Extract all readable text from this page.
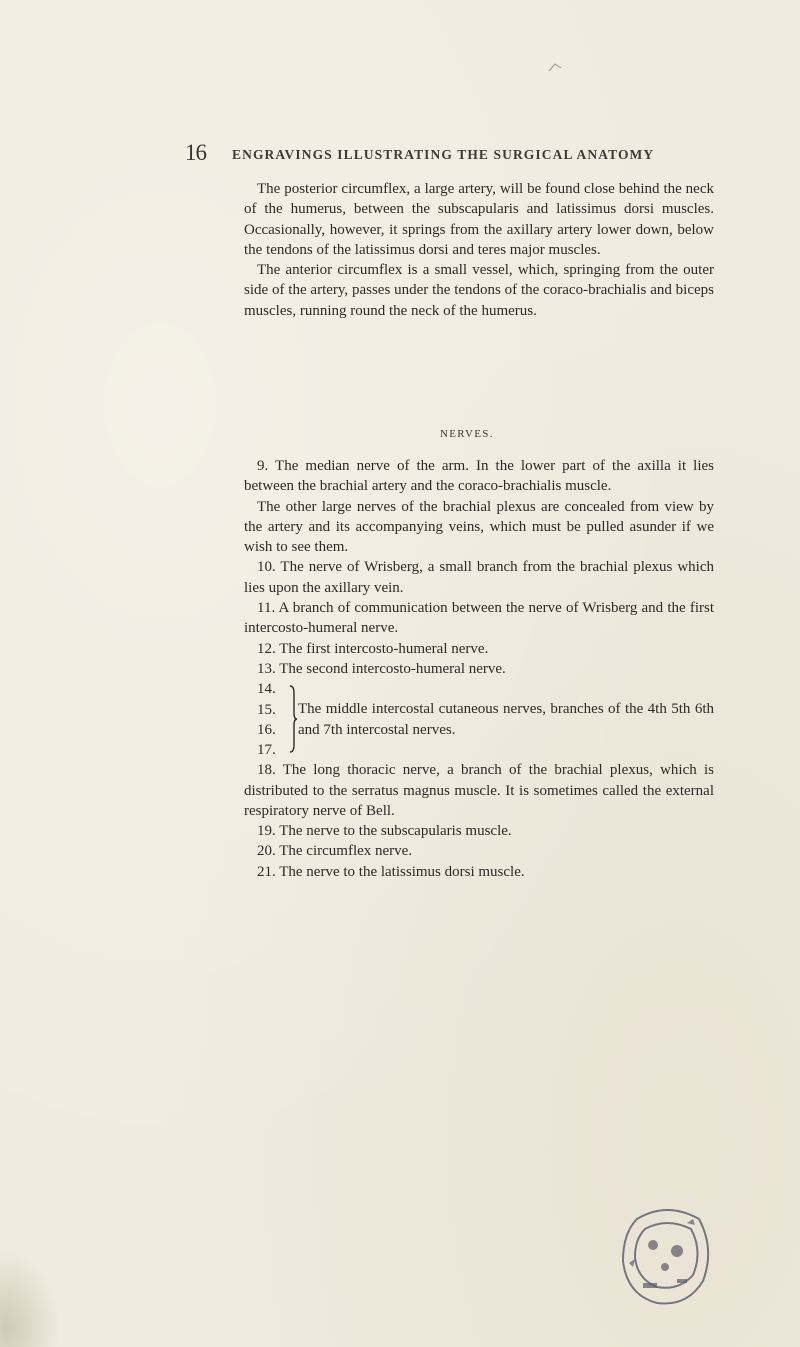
16 ENGRAVINGS ILLUSTRATING THE SURGICAL ANATOMY

The posterior circumflex, a large artery, will be found close behind the neck of the humerus, between the subscapularis and latissimus dorsi muscles. Occasionally, however, it springs from the axillary artery lower down, below the tendons of the latissimus dorsi and teres major muscles.

The anterior circumflex is a small vessel, which, springing from the outer side of the artery, passes under the tendons of the coraco-brachialis and biceps muscles, running round the neck of the humerus.

NERVES.

9. The median nerve of the arm. In the lower part of the axilla it lies between the brachial artery and the coraco-brachialis muscle.

The other large nerves of the brachial plexus are concealed from view by the artery and its accompanying veins, which must be pulled asunder if we wish to see them.

10. The nerve of Wrisberg, a small branch from the brachial plexus which lies upon the axillary vein.

11. A branch of communication between the nerve of Wrisberg and the first intercosto-humeral nerve.

12. The first intercosto-humeral nerve.

13. The second intercosto-humeral nerve.

14.
15.
16.
17.
The middle intercostal cutaneous nerves, branches of the 4th 5th 6th and 7th intercostal nerves.

18. The long thoracic nerve, a branch of the brachial plexus, which is distributed to the serratus magnus muscle. It is sometimes called the external respiratory nerve of Bell.

19. The nerve to the subscapularis muscle.

20. The circumflex nerve.

21. The nerve to the latissimus dorsi muscle.
